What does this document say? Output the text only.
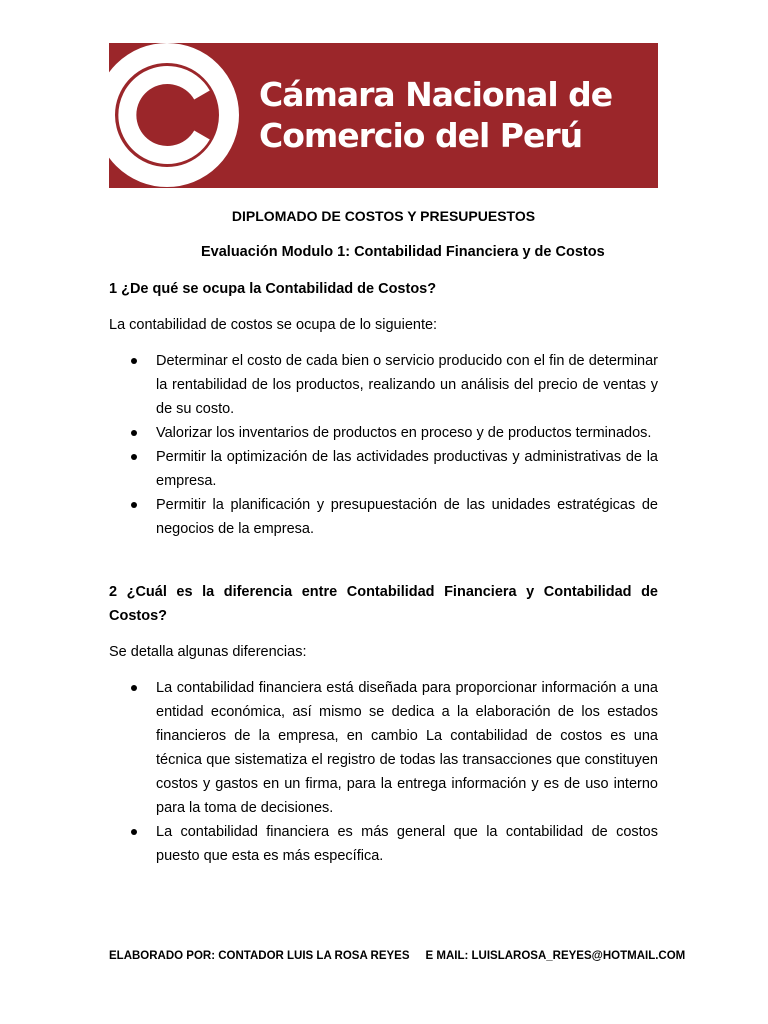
Cámara Nacional de
Comercio del Perú
DIPLOMADO DE COSTOS Y PRESUPUESTOS
Evaluación Modulo 1: Contabilidad Financiera y de Costos
1 ¿De qué se ocupa la Contabilidad de Costos?
La contabilidad de costos se ocupa de lo siguiente:
Determinar el costo de cada bien o servicio producido con el fin de determinar la rentabilidad de los productos, realizando un análisis del precio de ventas y de su costo.
Valorizar los inventarios de productos en proceso y de productos terminados.
Permitir la optimización de las actividades productivas y administrativas de la empresa.
Permitir la planificación y presupuestación de las unidades estratégicas de negocios de la empresa.
2 ¿Cuál es la diferencia entre Contabilidad Financiera y Contabilidad de Costos?
Se detalla algunas diferencias:
La contabilidad financiera está diseñada para proporcionar información a una entidad económica, así mismo se dedica a la elaboración de los estados financieros de la empresa, en cambio La contabilidad de costos es una técnica que sistematiza el registro de todas las transacciones que constituyen costos y gastos en un firma, para la entrega información y es de uso interno para la toma de decisiones.
La contabilidad financiera es más general que la contabilidad de costos puesto que esta es más específica.
ELABORADO POR: CONTADOR LUIS LA ROSA REYES E MAIL: LUISLAROSA_REYES@HOTMAIL.COM
